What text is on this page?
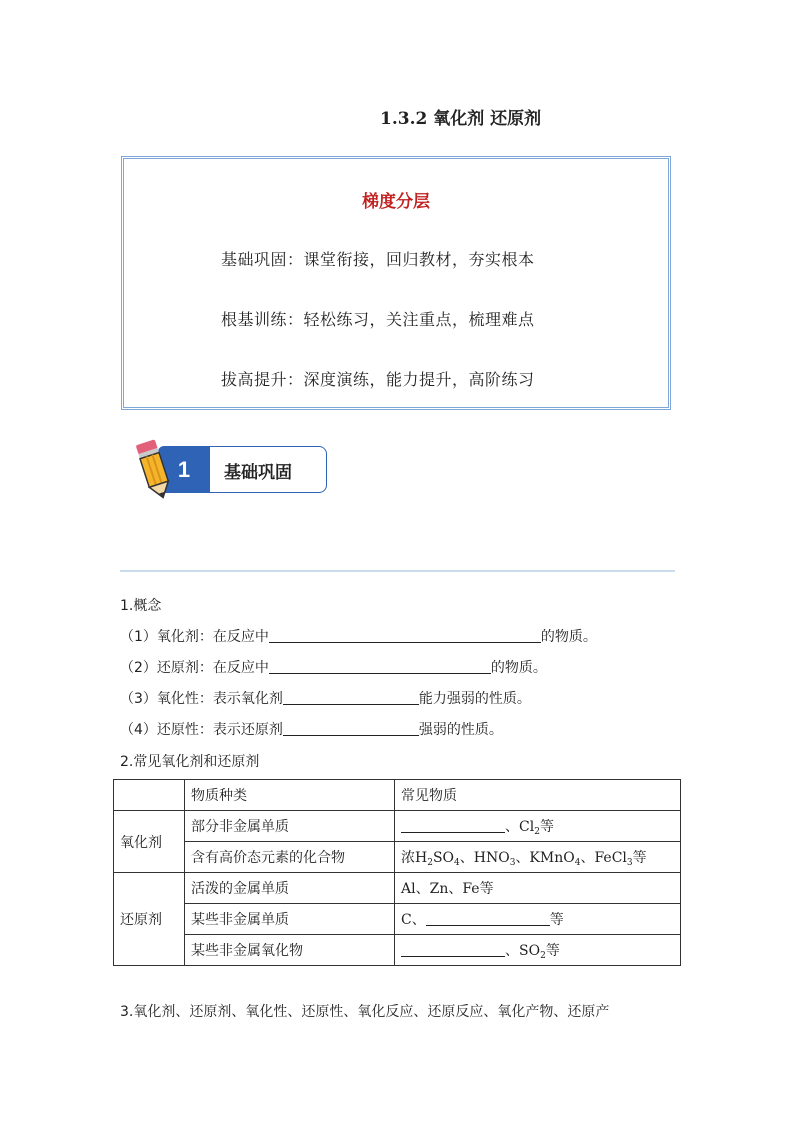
1.3.2 氧化剂 还原剂
梯度分层
基础巩固：课堂衔接，回归教材，夯实根本
根基训练：轻松练习，关注重点，梳理难点
拔高提升：深度演练，能力提升，高阶练习
1	基础巩固
1.概念
（1）氧化剂：在反应中	的物质。
（2）还原剂：在反应中	的物质。
（3）氧化性：表示氧化剂	能力强弱的性质。
（4）还原性：表示还原剂	强弱的性质。
2.常见氧化剂和还原剂
	物质种类	常见物质
氧化剂	部分非金属单质	、$Cl_2$等
	含有高价态元素的化合物	浓$H_2SO_4$、$HNO_3$、KMnO$_4$、FeCl$_3$等
还原剂	活泼的金属单质	Al、Zn、Fe等
	某些非金属单质	C、 等
	某些非金属氧化物	、$SO_2$等
3.氧化剂、还原剂、氧化性、还原性、氧化反应、还原反应、氧化产物、还原产
